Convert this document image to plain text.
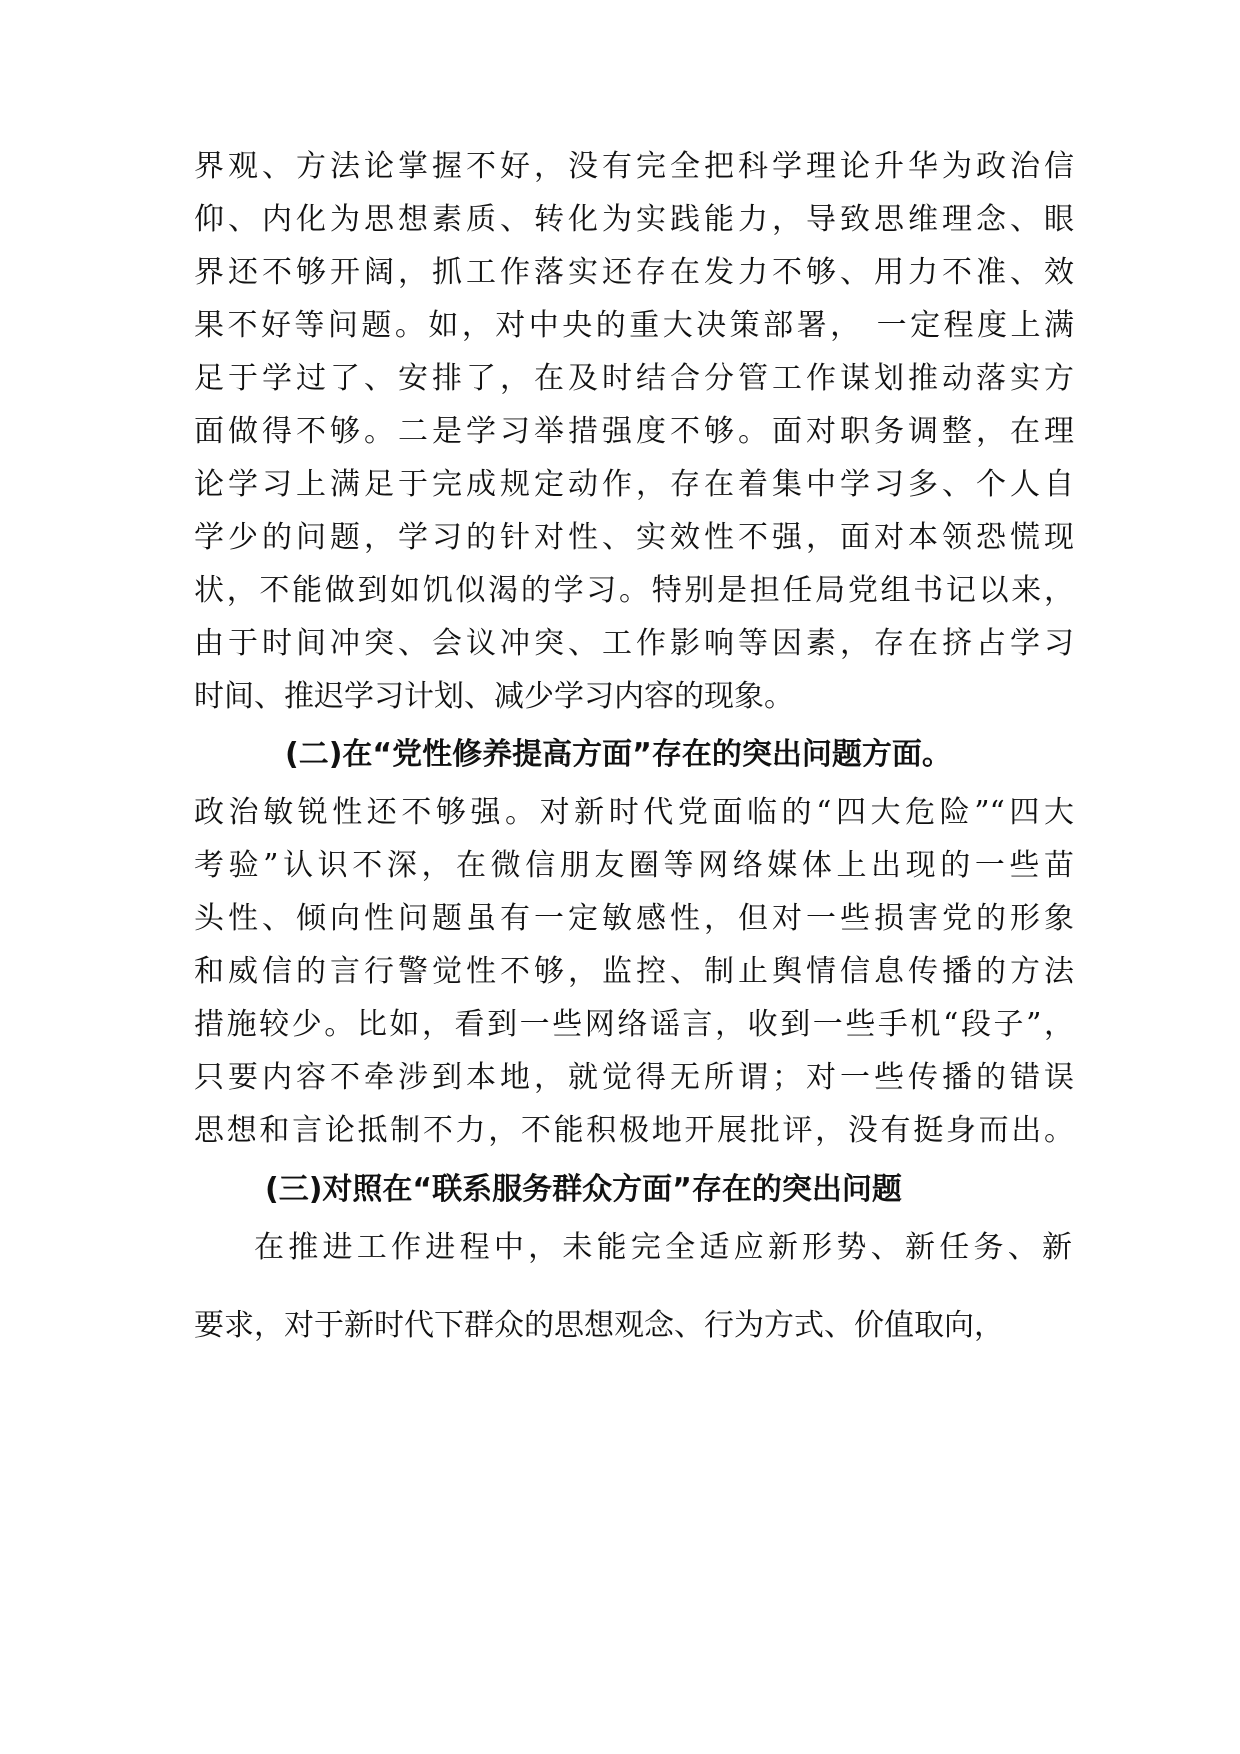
界观、方法论掌握不好，没有完全把科学理论升华为政治信
仰、内化为思想素质、转化为实践能力，导致思维理念、眼
界还不够开阔，抓工作落实还存在发力不够、用力不准、效
果不好等问题。如，对中央的重大决策部署， 一定程度上满
足于学过了、安排了，在及时结合分管工作谋划推动落实方
面做得不够。二是学习举措强度不够。面对职务调整，在理
论学习上满足于完成规定动作，存在着集中学习多、个人自
学少的问题，学习的针对性、实效性不强，面对本领恐慌现
状，不能做到如饥似渴的学习。特别是担任局党组书记以来，
由于时间冲突、会议冲突、工作影响等因素，存在挤占学习
时间、推迟学习计划、减少学习内容的现象。
(二)在“党性修养提高方面”存在的突出问题方面。
政治敏锐性还不够强。对新时代党面临的“四大危险”“四大
考验”认识不深，在微信朋友圈等网络媒体上出现的一些苗
头性、倾向性问题虽有一定敏感性，但对一些损害党的形象
和威信的言行警觉性不够，监控、制止舆情信息传播的方法
措施较少。比如，看到一些网络谣言，收到一些手机“段子”，
只要内容不牵涉到本地，就觉得无所谓；对一些传播的错误
思想和言论抵制不力，不能积极地开展批评，没有挺身而出。
(三)对照在“联系服务群众方面”存在的突出问题
在推进工作进程中，未能完全适应新形势、新任务、新
要求，对于新时代下群众的思想观念、行为方式、价值取向，
